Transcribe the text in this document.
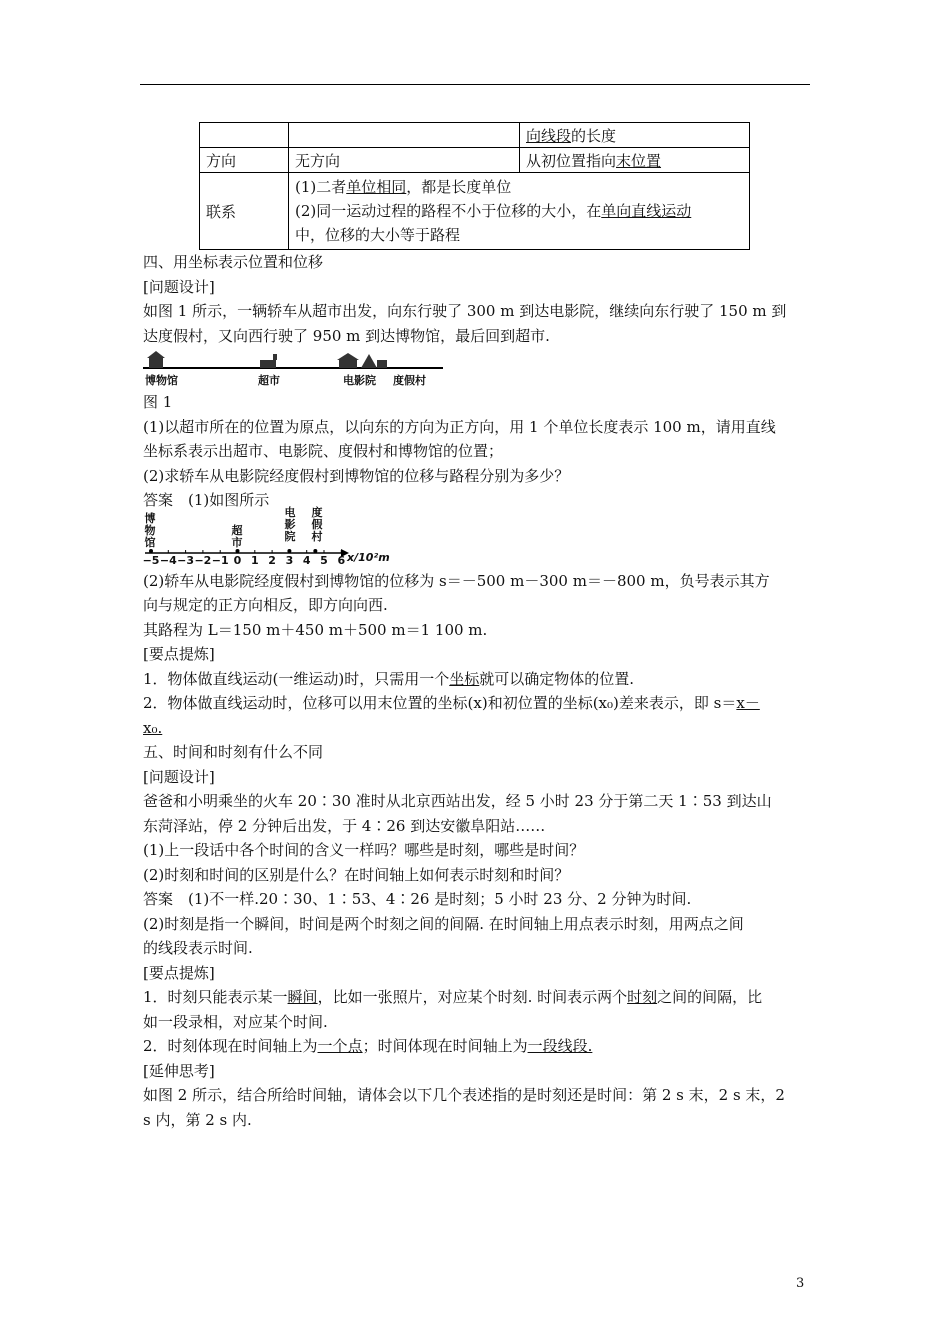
		向线段的长度
方向	无方向	从初位置指向末位置
联系	(1)二者单位相同，都是长度单位
(2)同一运动过程的路程不小于位移的大小，在单向直线运动
中，位移的大小等于路程	
四、用坐标表示位置和位移
[问题设计]
如图 1 所示，一辆轿车从超市出发，向东行驶了 300 m 到达电影院，继续向东行驶了 150 m 到
达度假村，又向西行驶了 950 m 到达博物馆，最后回到超市.
博物馆	超市	电影院 度假村
图 1
(1)以超市所在的位置为原点，以向东的方向为正方向，用 1 个单位长度表示 100 m，请用直线
坐标系表示出超市、电影院、度假村和博物馆的位置；
(2)求轿车从电影院经度假村到博物馆的位移与路程分别为多少？
答案　(1)如图所示
博
物
馆
超
市
电
影
院
度
假
村
−5 −4 −3 −2 −1 0 1 2 3 4 5 6 x/10²m
(2)轿车从电影院经度假村到博物馆的位移为 s＝－500 m－300 m＝－800 m，负号表示其方
向与规定的正方向相反，即方向向西.
其路程为 L＝150 m＋450 m＋500 m＝1 100 m.
[要点提炼]
1．物体做直线运动(一维运动)时，只需用一个坐标就可以确定物体的位置.
2．物体做直线运动时，位移可以用末位置的坐标(x)和初位置的坐标(x₀)差来表示，即 s＝x－
x₀.
五、时间和时刻有什么不同
[问题设计]
爸爸和小明乘坐的火车 20∶30 准时从北京西站出发，经 5 小时 23 分于第二天 1∶53 到达山
东菏泽站，停 2 分钟后出发，于 4∶26 到达安徽阜阳站……
(1)上一段话中各个时间的含义一样吗？哪些是时刻，哪些是时间？
(2)时刻和时间的区别是什么？在时间轴上如何表示时刻和时间？
答案　(1)不一样.20∶30、1∶53、4∶26 是时刻；5 小时 23 分、2 分钟为时间.
(2)时刻是指一个瞬间，时间是两个时刻之间的间隔. 在时间轴上用点表示时刻，用两点之间
的线段表示时间.
[要点提炼]
1．时刻只能表示某一瞬间，比如一张照片，对应某个时刻. 时间表示两个时刻之间的间隔，比
如一段录相，对应某个时间.
2．时刻体现在时间轴上为一个点；时间体现在时间轴上为一段线段.
[延伸思考]
如图 2 所示，结合所给时间轴，请体会以下几个表述指的是时刻还是时间：第 2 s 末，2 s 末，2
s 内，第 2 s 内.
3
